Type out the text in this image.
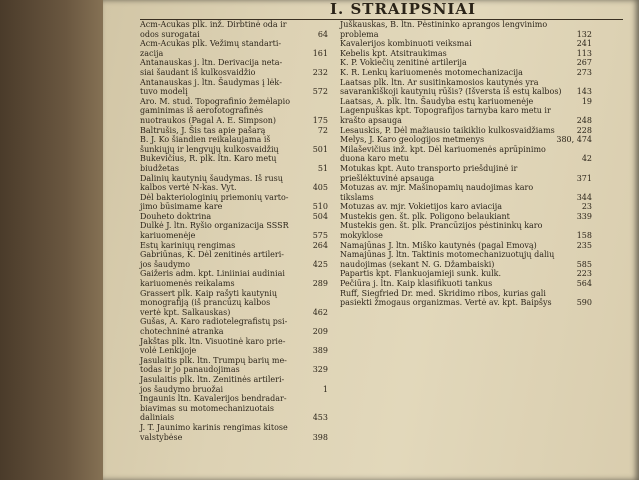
I. STRAIPSNIAI
Acm-Acukas plk. inž. Dirbtinė oda ir odos surogatai	64
Acm-Acukas plk. Vežimų standartizacija	161
Antanauskas j. ltn. Derivacija netasiai šaudant iš kulkosvaidžio	232
Antanauskas j. ltn. Šaudymas į lėktuvo modelį	572
Aro. M. stud. Topografinio žemėlapio gaminimas iš aerofotografinės nuotraukos (Pagal A. E. Simpson)	175
Baltrušis, J. Šis tas apie pašarą	72
B. J. Ko šiandien reikalaujama iš šunkiųjų ir lengvųjų kulkosvaidžių	501
Bukevičius, R. plk. ltn. Karo metų biudžetas	51
Dalinių kautynių šaudymas. Iš rusų kalbos vertė N-kas. Vyt.	405
Dėl bakteriologinių priemonių vartojimo būsimame kare	510
Douheto doktrina	504
Dulkė J. ltn. Ryšio organizacija SSSR kariuomenėje	575
Estų kariniųų rengimas	264
Gabriūnas, K. Dėl zenitinės artilerijos šaudymo	425
Gaižeris adm. kpt. Liniiniai audiniai kariuomenės reikalams	289
Grassert plk. Kaip rašyti kautynių monografiją (iš prancūzų kalbos vertė kpt. Salkauskas)	462
Gušas, A. Karo radiotelegrafistų psichotechninė atranka	209
Jakštas plk. ltn. Visuotinė karo prievolė Lenkijoje	389
Jasulaitis plk. ltn. Trumpų barių metodas ir jo panaudojimas	329
Jasulaitis plk. ltn. Zenitinės artilerijos šaudymo bruožai	1
Ingaunis ltn. Kavalerijos bendradarbiavimas su motomechanizuotais daliniais	453
J. T. Jaunimo karinis rengimas kitose valstybėse	398
Juškauskas, B. ltn. Pėstininko aprangos lengvinimo problema	132
Kavalerijos kombinuoti veiksmai	241
Kebelis kpt. Atsitraukimas	113
K. P. Vokiečių zenitinė artilerija	267
K. R. Lenkų kariuomenės motomechanizacija	273
Laatsas plk. ltn. Ar susitinkamosios kautynės yra savarankiškoji kautynių rūšis? (Išversta iš estų kalbos) 143
Laatsas, A. plk. ltn. Šaudyba estų kariuomenėje	19
Lagenpuškas kpt. Topografijos tarnyba karo metu ir krašto apsauga	248
Lesauskis, P. Dėl mažiausio taikiklio kulkosvaidžiams	228
Melys, J. Karo geologijos metmenys	380, 474
Milaševičius inž. kpt. Dėl kariuomenės aprūpinimo duona karo metu	42
Motukas kpt. Auto transporto priešdujinė ir priešlėktuvinė apsauga	371
Motuzas av. mjr. Mašinopamių naudojimas karo tikslams	344
Motuzas av. mjr. Vokietijos karo aviacija	23
Mustekis gen. št. plk. Poligono belaukiant	339
Mustekis gen. št. plk. Prancūzijos pėstininkų karo mokyklose	158
Namajūnas J. ltn. Miško kautynės (pagal Emovą)	235
Namajūnas J. ltn. Taktinis motomechanizuotųjų dalių naudojimas (sekant N. G. Džambaiski)	585
Papartis kpt. Flankuojamieji sunk. kulk.	223
Pečiūra j. ltn. Kaip klasifikuoti tankus	564
Ruff, Siegfried Dr. med. Skridimo ribos, kurias gali pasiekti žmogaus organizmas. Vertė av. kpt. Baipšys	590
